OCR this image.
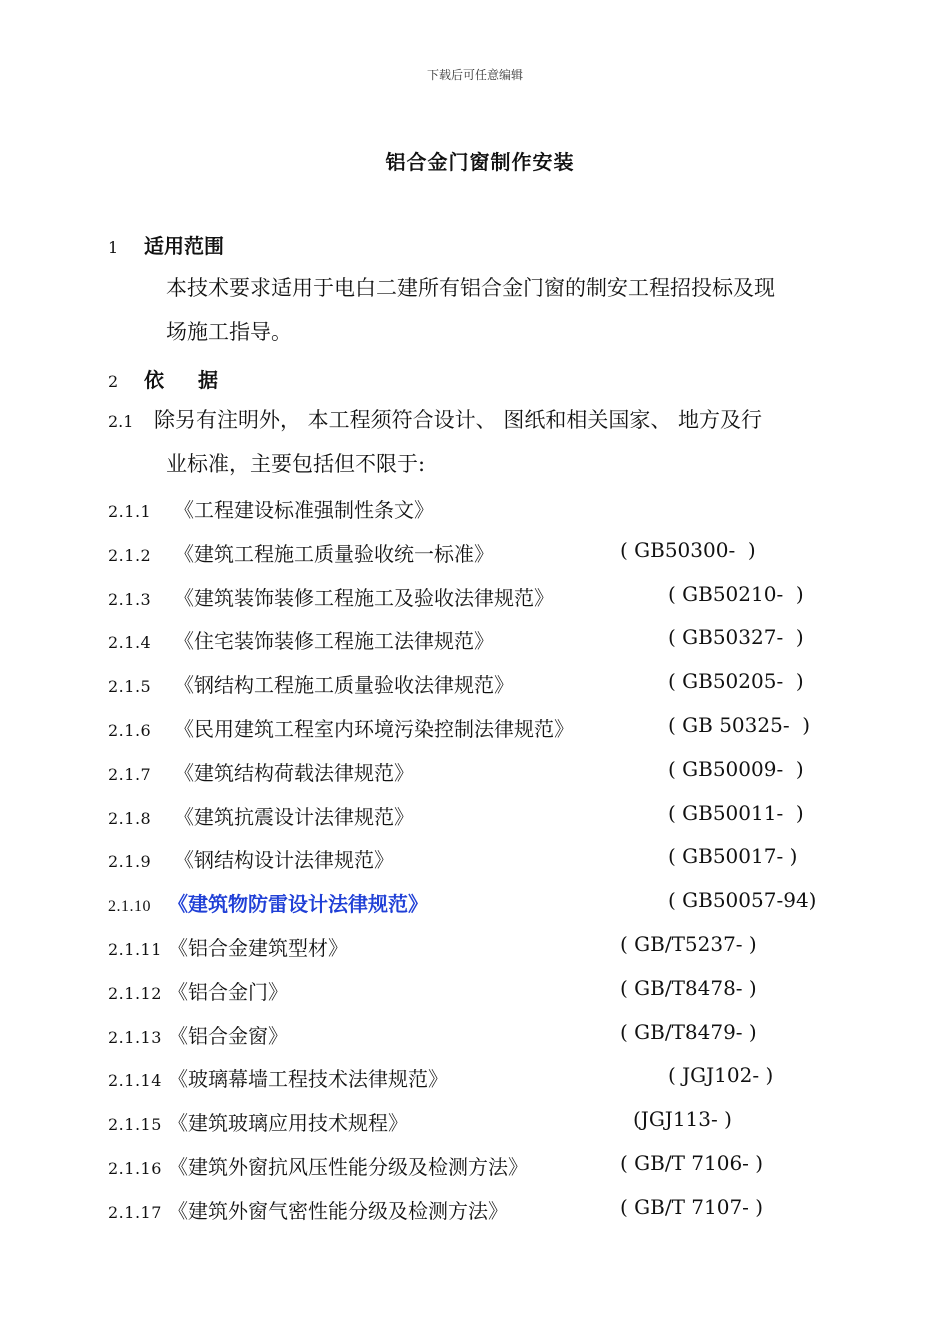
下载后可任意编辑
铝合金门窗制作安装
1 适用范围
本技术要求适用于电白二建所有铝合金门窗的制安工程招投标及现
场施工指导。
2 依 据
2.1 除另有注明外， 本工程须符合设计、 图纸和相关国家、 地方及行
业标准，主要包括但不限于:
2.1.1 《工程建设标准强制性条文》
2.1.2 《建筑工程施工质量验收统一标准》	( GB50300-  )
2.1.3 《建筑装饰装修工程施工及验收法律规范》	( GB50210-  )
2.1.4 《住宅装饰装修工程施工法律规范》	( GB50327-  )
2.1.5 《钢结构工程施工质量验收法律规范》	( GB50205-  )
2.1.6 《民用建筑工程室内环境污染控制法律规范》	( GB 50325-  )
2.1.7 《建筑结构荷载法律规范》	( GB50009-  )
2.1.8 《建筑抗震设计法律规范》	( GB50011-  )
2.1.9 《钢结构设计法律规范》	( GB50017- )
2.1.10 《建筑物防雷设计法律规范》	( GB50057-94)
2.1.11 《铝合金建筑型材》	( GB/T5237- )
2.1.12 《铝合金门》	( GB/T8478- )
2.1.13 《铝合金窗》	( GB/T8479- )
2.1.14 《玻璃幕墙工程技术法律规范》	( JGJ102- )
2.1.15 《建筑玻璃应用技术规程》	(JGJ113- )
2.1.16 《建筑外窗抗风压性能分级及检测方法》	( GB/T 7106- )
2.1.17 《建筑外窗气密性能分级及检测方法》	( GB/T 7107- )
